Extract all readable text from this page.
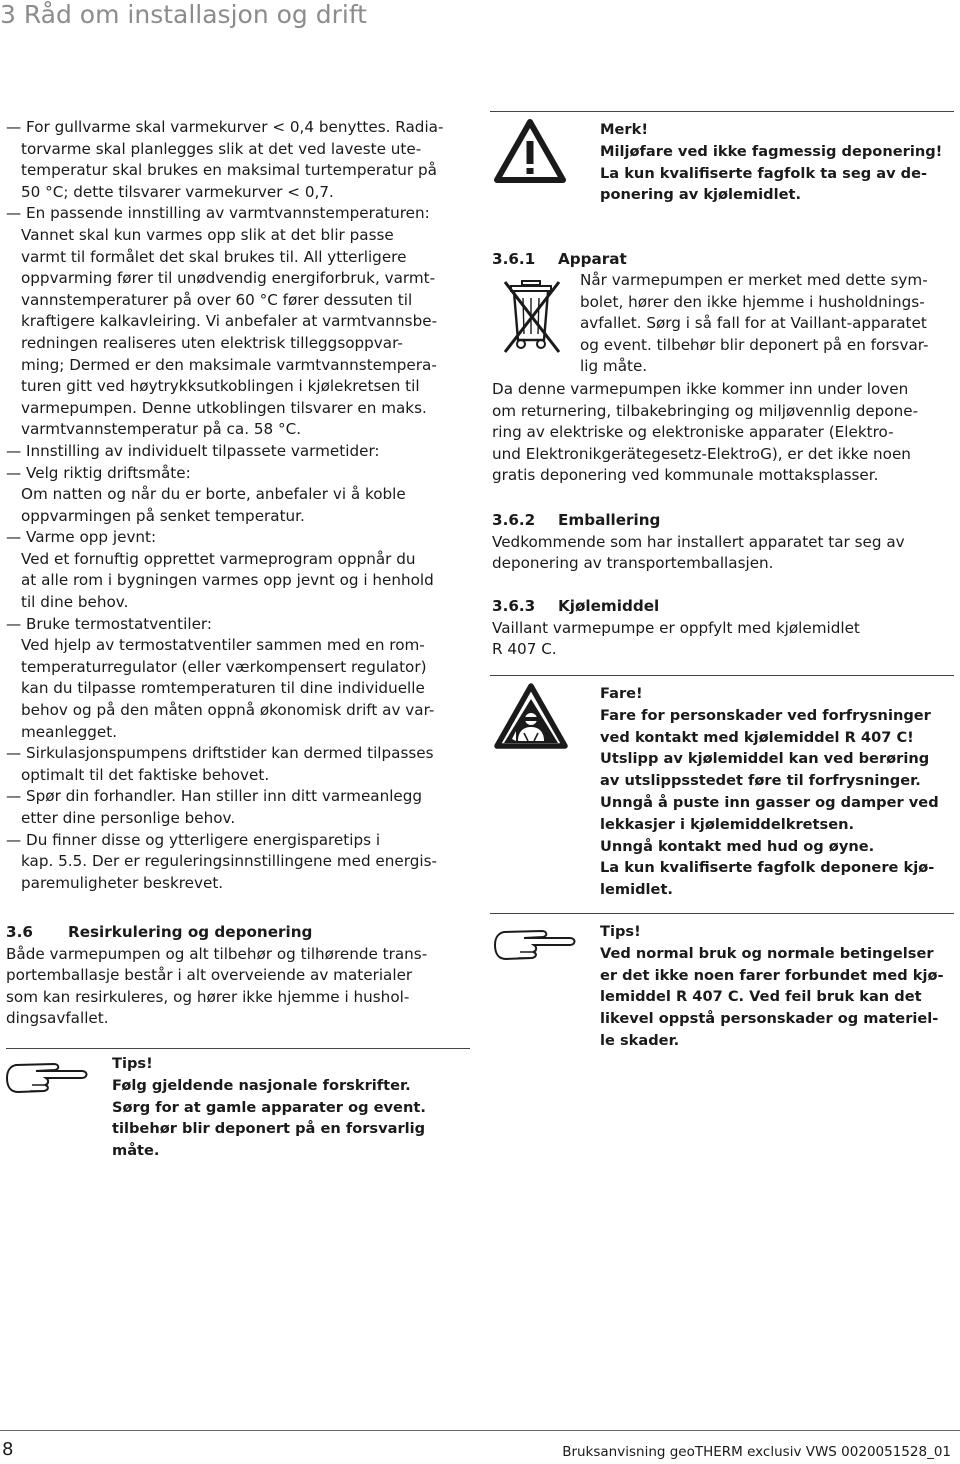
3 Råd om installasjon og drift
— For gullvarme skal varmekurver < 0,4 benyttes. Radia-
torvarme skal planlegges slik at det ved laveste ute-
temperatur skal brukes en maksimal turtemperatur på
50 °C; dette tilsvarer varmekurver < 0,7.
— En passende innstilling av varmtvannstemperaturen:
Vannet skal kun varmes opp slik at det blir passe
varmt til formålet det skal brukes til. All ytterligere
oppvarming fører til unødvendig energiforbruk, varmt-
vannstemperaturer på over 60 °C fører dessuten til
kraftigere kalkavleiring. Vi anbefaler at varmtvannsbe-
redningen realiseres uten elektrisk tilleggsoppvar-
ming; Dermed er den maksimale varmtvannstempera-
turen gitt ved høytrykksutkoblingen i kjølekretsen til
varmepumpen. Denne utkoblingen tilsvarer en maks.
varmtvannstemperatur på ca. 58 °C.
— Innstilling av individuelt tilpassete varmetider:
— Velg riktig driftsmåte:
Om natten og når du er borte, anbefaler vi å koble
oppvarmingen på senket temperatur.
— Varme opp jevnt:
Ved et fornuftig opprettet varmeprogram oppnår du
at alle rom i bygningen varmes opp jevnt og i henhold
til dine behov.
— Bruke termostatventiler:
Ved hjelp av termostatventiler sammen med en rom-
temperaturregulator (eller værkompensert regulator)
kan du tilpasse romtemperaturen til dine individuelle
behov og på den måten oppnå økonomisk drift av var-
meanlegget.
— Sirkulasjonspumpens driftstider kan dermed tilpasses
optimalt til det faktiske behovet.
— Spør din forhandler. Han stiller inn ditt varmeanlegg
etter dine personlige behov.
— Du finner disse og ytterligere energisparetips i
kap. 5.5. Der er reguleringsinnstillingene med energis-
paremuligheter beskrevet.
3.6 Resirkulering og deponering
Både varmepumpen og alt tilbehør og tilhørende trans-
portemballasje består i alt overveiende av materialer
som kan resirkuleres, og hører ikke hjemme i hushol-
dingsavfallet.
Tips!
Følg gjeldende nasjonale forskrifter.
Sørg for at gamle apparater og event.
tilbehør blir deponert på en forsvarlig
måte.
Merk!
Miljøfare ved ikke fagmessig deponering!
La kun kvalifiserte fagfolk ta seg av de-
ponering av kjølemidlet.
3.6.1 Apparat
Når varmepumpen er merket med dette sym-
bolet, hører den ikke hjemme i husholdnings-
avfallet. Sørg i så fall for at Vaillant-apparatet
og event. tilbehør blir deponert på en forsvar-
lig måte.
Da denne varmepumpen ikke kommer inn under loven
om returnering, tilbakebringing og miljøvennlig depone-
ring av elektriske og elektroniske apparater (Elektro-
und Elektronikgerätegesetz-ElektroG), er det ikke noen
gratis deponering ved kommunale mottaksplasser.
3.6.2 Emballering
Vedkommende som har installert apparatet tar seg av
deponering av transportemballasjen.
3.6.3 Kjølemiddel
Vaillant varmepumpe er oppfylt med kjølemidlet
R 407 C.
Fare!
Fare for personskader ved forfrysninger
ved kontakt med kjølemiddel R 407 C!
Utslipp av kjølemiddel kan ved berøring
av utslippsstedet føre til forfrysninger.
Unngå å puste inn gasser og damper ved
lekkasjer i kjølemiddelkretsen.
Unngå kontakt med hud og øyne.
La kun kvalifiserte fagfolk deponere kjø-
lemidlet.
Tips!
Ved normal bruk og normale betingelser
er det ikke noen farer forbundet med kjø-
lemiddel R 407 C. Ved feil bruk kan det
likevel oppstå personskader og materiel-
le skader.
8	Bruksanvisning geoTHERM exclusiv VWS 0020051528_01
